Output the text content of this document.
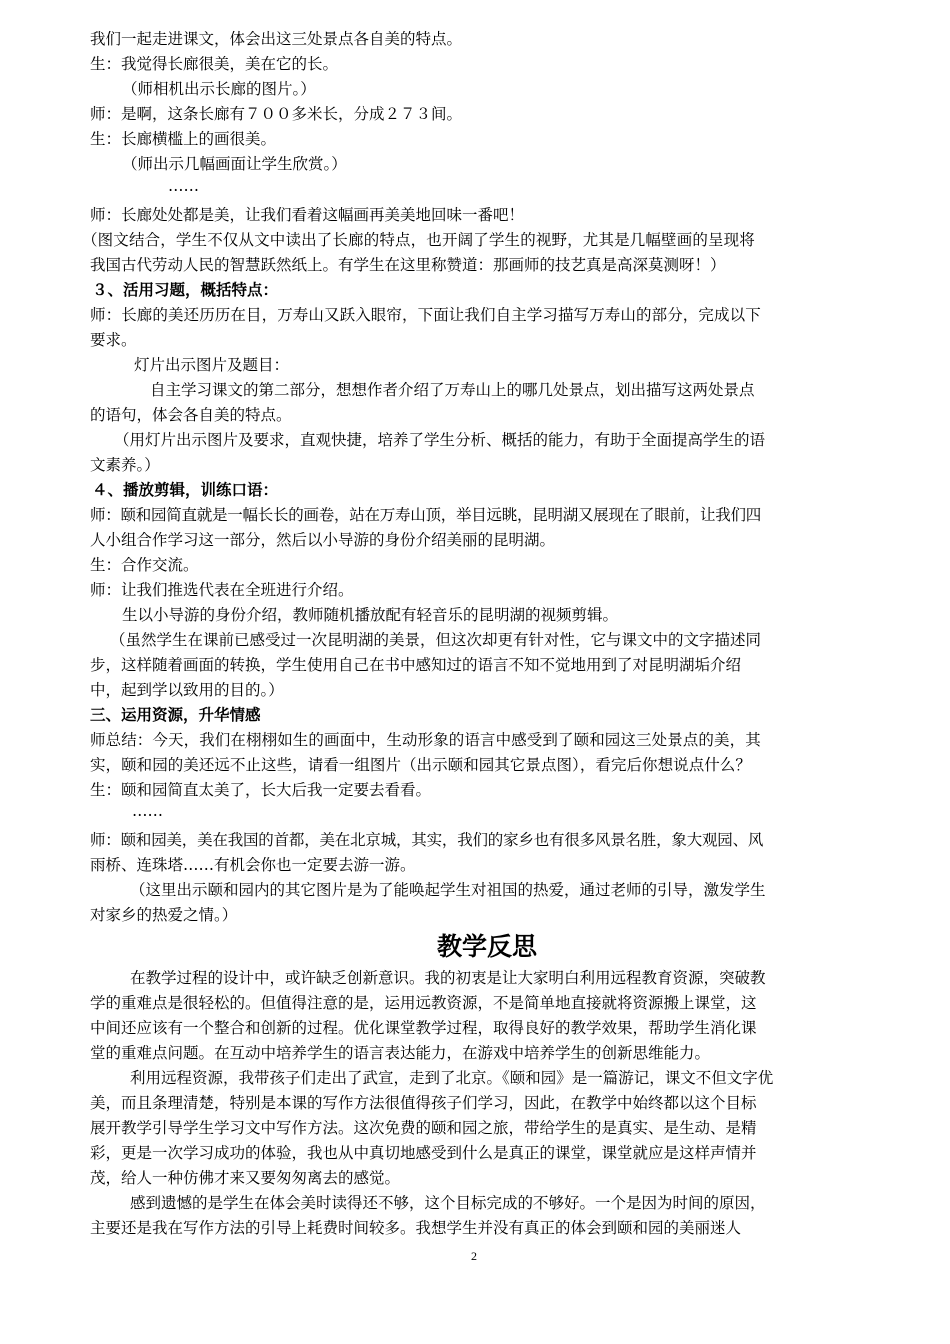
我们一起走进课文，体会出这三处景点各自美的特点。
生：我觉得长廊很美，美在它的长。
（师相机出示长廊的图片。）
师：是啊，这条长廊有７００多米长，分成２７３间。
生：长廊横槛上的画很美。
（师出示几幅画面让学生欣赏。）
……
师：长廊处处都是美，让我们看着这幅画再美美地回味一番吧！
（图文结合，学生不仅从文中读出了长廊的特点，也开阔了学生的视野，尤其是几幅壁画的呈现将
我国古代劳动人民的智慧跃然纸上。有学生在这里称赞道：那画师的技艺真是高深莫测呀！）
３、活用习题，概括特点：
师：长廊的美还历历在目，万寿山又跃入眼帘，下面让我们自主学习描写万寿山的部分，完成以下
要求。
灯片出示图片及题目：
自主学习课文的第二部分，想想作者介绍了万寿山上的哪几处景点，划出描写这两处景点
的语句，体会各自美的特点。
（用灯片出示图片及要求，直观快捷，培养了学生分析、概括的能力，有助于全面提高学生的语
文素养。）
４、播放剪辑，训练口语：
师：颐和园简直就是一幅长长的画卷，站在万寿山顶，举目远眺，昆明湖又展现在了眼前，让我们四
人小组合作学习这一部分，然后以小导游的身份介绍美丽的昆明湖。
生：合作交流。
师：让我们推选代表在全班进行介绍。
生以小导游的身份介绍，教师随机播放配有轻音乐的昆明湖的视频剪辑。
（虽然学生在课前已感受过一次昆明湖的美景，但这次却更有针对性，它与课文中的文字描述同
步，这样随着画面的转换，学生使用自己在书中感知过的语言不知不觉地用到了对昆明湖垢介绍
中，起到学以致用的目的。）
三、运用资源，升华情感
师总结：今天，我们在栩栩如生的画面中，生动形象的语言中感受到了颐和园这三处景点的美，其
实，颐和园的美还远不止这些，请看一组图片（出示颐和园其它景点图），看完后你想说点什么？
生：颐和园简直太美了，长大后我一定要去看看。
……
师：颐和园美，美在我国的首都，美在北京城，其实，我们的家乡也有很多风景名胜，象大观园、风
雨桥、连珠塔……有机会你也一定要去游一游。
（这里出示颐和园内的其它图片是为了能唤起学生对祖国的热爱，通过老师的引导，激发学生
对家乡的热爱之情。）
教学反思
在教学过程的设计中，或许缺乏创新意识。我的初衷是让大家明白利用远程教育资源，突破教
学的重难点是很轻松的。但值得注意的是，运用远教资源，不是简单地直接就将资源搬上课堂，这
中间还应该有一个整合和创新的过程。优化课堂教学过程，取得良好的教学效果，帮助学生消化课
堂的重难点问题。在互动中培养学生的语言表达能力，在游戏中培养学生的创新思维能力。
利用远程资源，我带孩子们走出了武宣，走到了北京。《颐和园》是一篇游记，课文不但文字优
美，而且条理清楚，特别是本课的写作方法很值得孩子们学习，因此，在教学中始终都以这个目标
展开教学引导学生学习文中写作方法。这次免费的颐和园之旅，带给学生的是真实、是生动、是精
彩，更是一次学习成功的体验，我也从中真切地感受到什么是真正的课堂，课堂就应是这样声情并
茂，给人一种仿佛才来又要匆匆离去的感觉。
感到遗憾的是学生在体会美时读得还不够，这个目标完成的不够好。一个是因为时间的原因，
主要还是我在写作方法的引导上耗费时间较多。我想学生并没有真正的体会到颐和园的美丽迷人
2
